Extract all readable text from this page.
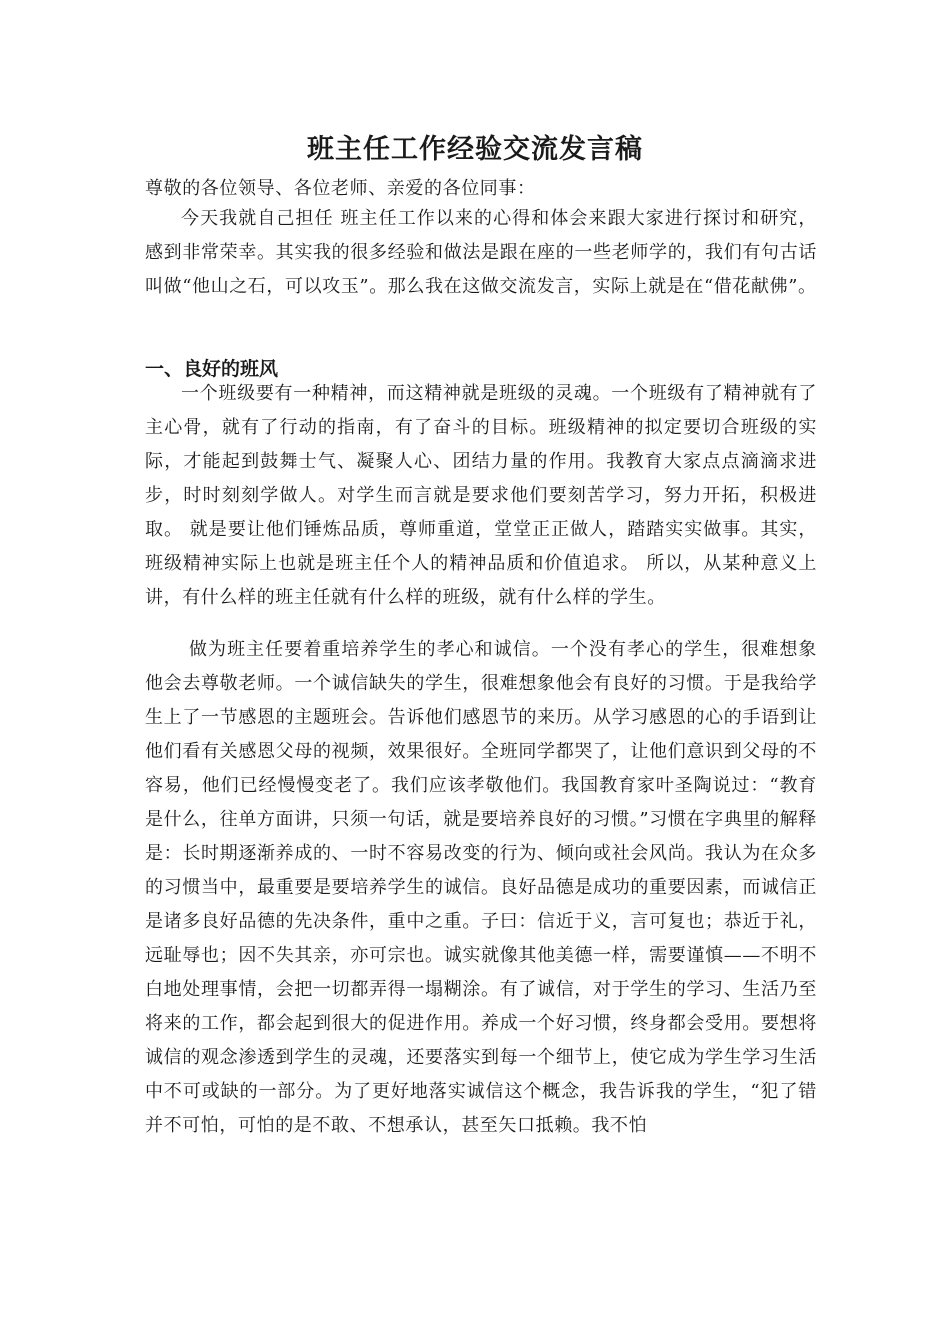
班主任工作经验交流发言稿

尊敬的各位领导、各位老师、亲爱的各位同事：

今天我就自己担任 班主任工作以来的心得和体会来跟大家进行探讨和研究，感到非常荣幸。其实我的很多经验和做法是跟在座的一些老师学的，我们有句古话叫做“他山之石，可以攻玉”。那么我在这做交流发言，实际上就是在“借花献佛”。

一、良好的班风

一个班级要有一种精神，而这精神就是班级的灵魂。一个班级有了精神就有了主心骨，就有了行动的指南，有了奋斗的目标。班级精神的拟定要切合班级的实际，才能起到鼓舞士气、凝聚人心、团结力量的作用。我教育大家点点滴滴求进步，时时刻刻学做人。对学生而言就是要求他们要刻苦学习，努力开拓，积极进取。 就是要让他们锤炼品质，尊师重道，堂堂正正做人，踏踏实实做事。其实，班级精神实际上也就是班主任个人的精神品质和价值追求。 所以，从某种意义上讲，有什么样的班主任就有什么样的班级，就有什么样的学生。

做为班主任要着重培养学生的孝心和诚信。一个没有孝心的学生，很难想象他会去尊敬老师。一个诚信缺失的学生，很难想象他会有良好的习惯。于是我给学生上了一节感恩的主题班会。告诉他们感恩节的来历。从学习感恩的心的手语到让他们看有关感恩父母的视频，效果很好。全班同学都哭了，让他们意识到父母的不容易，他们已经慢慢变老了。我们应该孝敬他们。我国教育家叶圣陶说过：“教育是什么，往单方面讲，只须一句话，就是要培养良好的习惯。”习惯在字典里的解释是：长时期逐渐养成的、一时不容易改变的行为、倾向或社会风尚。我认为在众多的习惯当中，最重要是要培养学生的诚信。良好品德是成功的重要因素，而诚信正是诸多良好品德的先决条件，重中之重。子曰：信近于义，言可复也；恭近于礼，远耻辱也；因不失其亲，亦可宗也。诚实就像其他美德一样，需要谨慎——不明不白地处理事情，会把一切都弄得一塌糊涂。有了诚信，对于学生的学习、生活乃至将来的工作，都会起到很大的促进作用。养成一个好习惯，终身都会受用。要想将诚信的观念渗透到学生的灵魂，还要落实到每一个细节上，使它成为学生学习生活中不可或缺的一部分。为了更好地落实诚信这个概念，我告诉我的学生，“犯了错并不可怕，可怕的是不敢、不想承认，甚至矢口抵赖。我不怕
